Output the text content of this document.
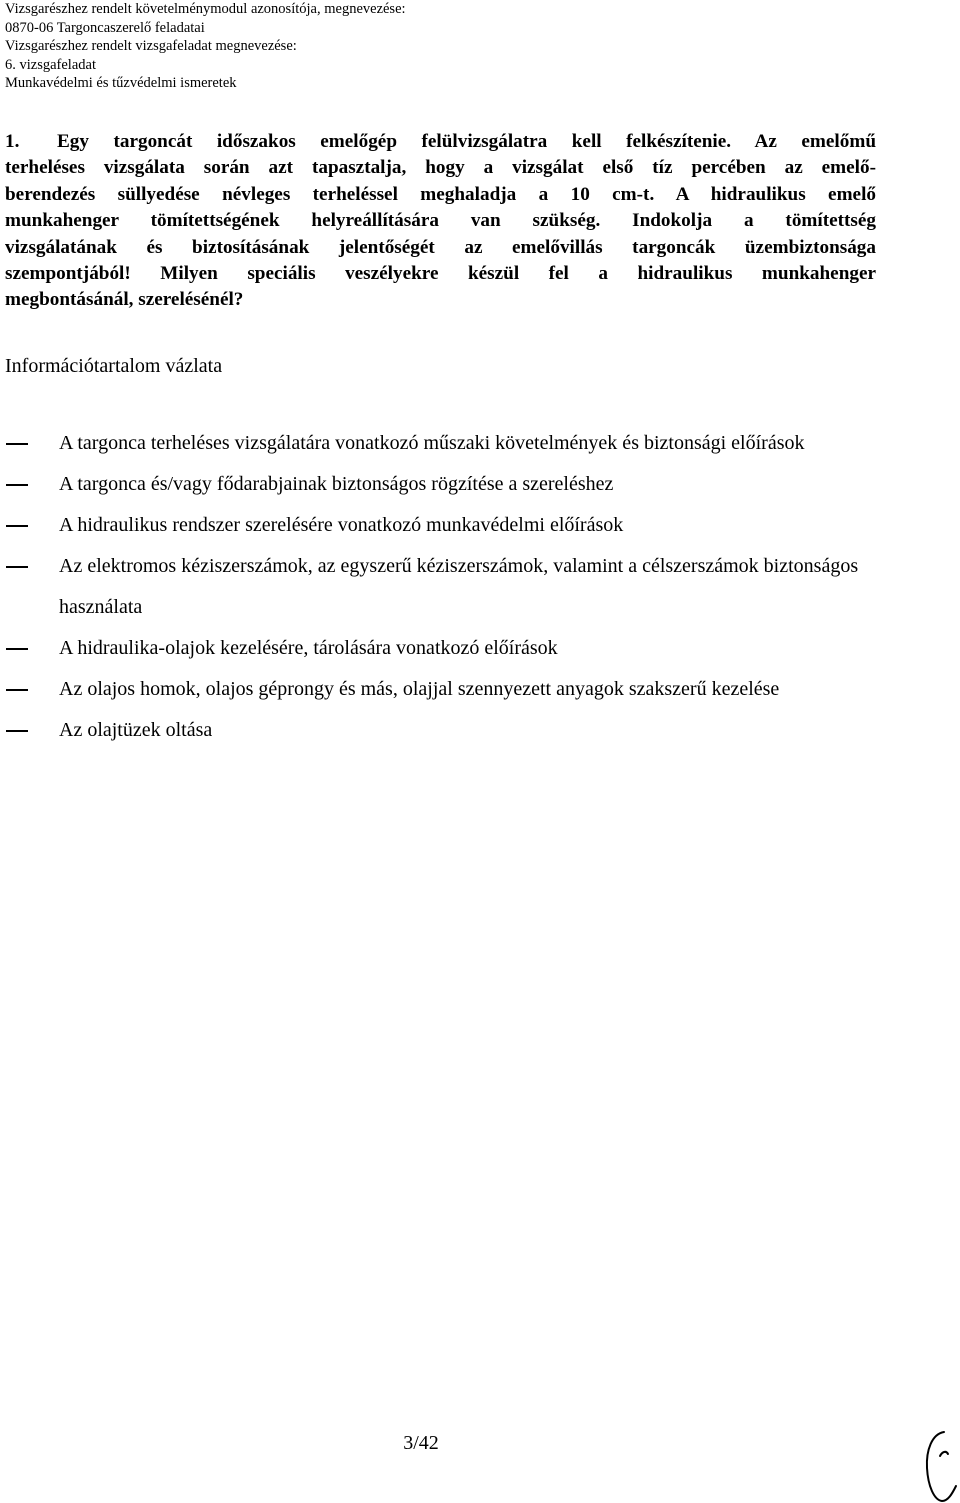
Vizsgarészhez rendelt követelménymodul azonosítója, megnevezése:
0870-06 Targoncaszerelő feladatai
Vizsgarészhez rendelt vizsgafeladat megnevezése:
6. vizsgafeladat
Munkavédelmi és tűzvédelmi ismeretek
1. Egy targoncát időszakos emelőgép felülvizsgálatra kell felkészítenie. Az emelőmű
terheléses vizsgálata során azt tapasztalja, hogy a vizsgálat első tíz percében az emelő-
berendezés süllyedése névleges terheléssel meghaladja a 10 cm-t. A hidraulikus emelő
munkahenger tömítettségének helyreállítására van szükség. Indokolja a tömítettség
vizsgálatának és biztosításának jelentőségét az emelővillás targoncák üzembiztonsága
szempontjából! Milyen speciális veszélyekre készül fel a hidraulikus munkahenger
megbontásánál, szerelésénél?
Információtartalom vázlata
A targonca terheléses vizsgálatára vonatkozó műszaki követelmények és biztonsági előírások
A targonca és/vagy fődarabjainak biztonságos rögzítése a szereléshez
A hidraulikus rendszer szerelésére vonatkozó munkavédelmi előírások
Az elektromos kéziszerszámok, az egyszerű kéziszerszámok, valamint a célszerszámok biztonságos használata
A hidraulika-olajok kezelésére, tárolására vonatkozó előírások
Az olajos homok, olajos géprongy és más, olajjal szennyezett anyagok szakszerű kezelése
Az olajtüzek oltása
3/42
